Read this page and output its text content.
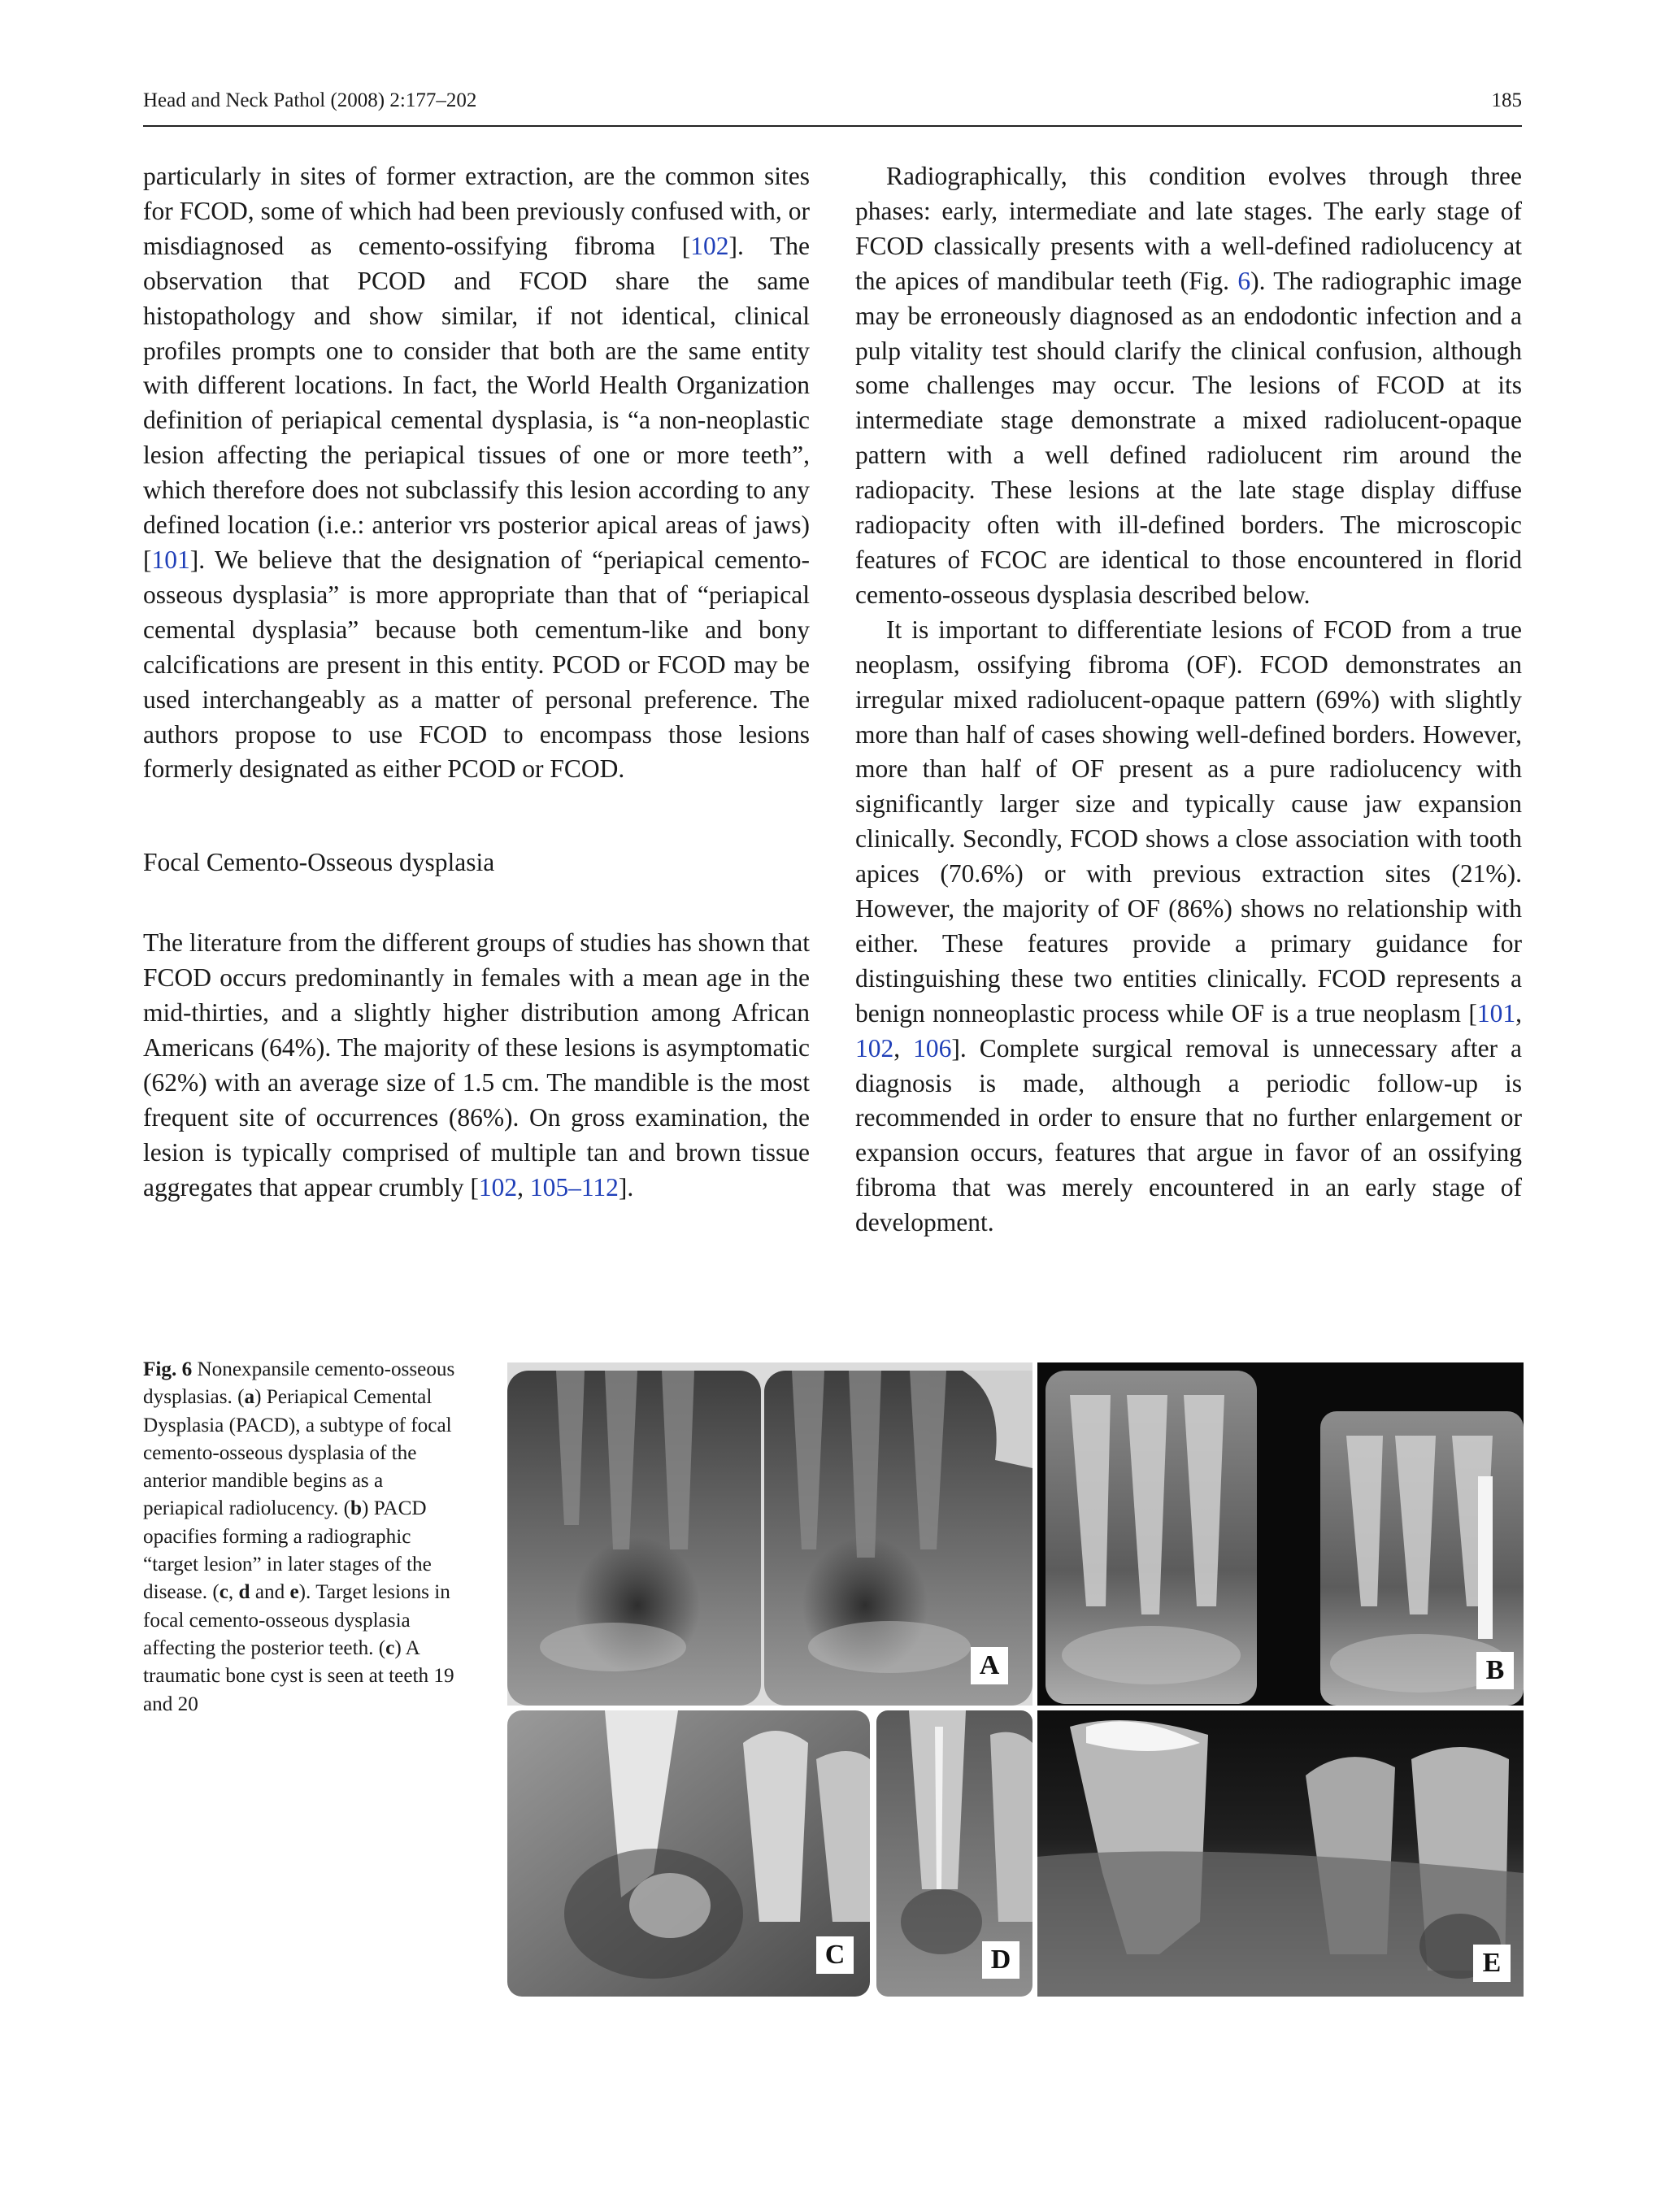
Head and Neck Pathol (2008) 2:177–202	185

particularly in sites of former extraction, are the common sites for FCOD, some of which had been previously confused with, or misdiagnosed as cemento-ossifying fibroma [102]. The observation that PCOD and FCOD share the same histopathology and show similar, if not identical, clinical profiles prompts one to consider that both are the same entity with different locations. In fact, the World Health Organization definition of periapical cemental dysplasia, is “a non-neoplastic lesion affecting the periapical tissues of one or more teeth”, which therefore does not subclassify this lesion according to any defined location (i.e.: anterior vrs posterior apical areas of jaws) [101]. We believe that the designation of “periapical cemento-osseous dysplasia” is more appropriate than that of “periapical cemental dysplasia” because both cementum-like and bony calcifications are present in this entity. PCOD or FCOD may be used interchangeably as a matter of personal preference. The authors propose to use FCOD to encompass those lesions formerly designated as either PCOD or FCOD.

Focal Cemento-Osseous dysplasia

The literature from the different groups of studies has shown that FCOD occurs predominantly in females with a mean age in the mid-thirties, and a slightly higher distribution among African Americans (64%). The majority of these lesions is asymptomatic (62%) with an average size of 1.5 cm. The mandible is the most frequent site of occurrences (86%). On gross examination, the lesion is typically comprised of multiple tan and brown tissue aggregates that appear crumbly [102, 105–112].

Radiographically, this condition evolves through three phases: early, intermediate and late stages. The early stage of FCOD classically presents with a well-defined radiolucency at the apices of mandibular teeth (Fig. 6). The radiographic image may be erroneously diagnosed as an endodontic infection and a pulp vitality test should clarify the clinical confusion, although some challenges may occur. The lesions of FCOD at its intermediate stage demonstrate a mixed radiolucent-opaque pattern with a well defined radiolucent rim around the radiopacity. These lesions at the late stage display diffuse radiopacity often with ill-defined borders. The microscopic features of FCOC are identical to those encountered in florid cemento-osseous dysplasia described below.

It is important to differentiate lesions of FCOD from a true neoplasm, ossifying fibroma (OF). FCOD demonstrates an irregular mixed radiolucent-opaque pattern (69%) with slightly more than half of cases showing well-defined borders. However, more than half of OF present as a pure radiolucency with significantly larger size and typically cause jaw expansion clinically. Secondly, FCOD shows a close association with tooth apices (70.6%) or with previous extraction sites (21%). However, the majority of OF (86%) shows no relationship with either. These features provide a primary guidance for distinguishing these two entities clinically. FCOD represents a benign nonneoplastic process while OF is a true neoplasm [101, 102, 106]. Complete surgical removal is unnecessary after a diagnosis is made, although a periodic follow-up is recommended in order to ensure that no further enlargement or expansion occurs, features that argue in favor of an ossifying fibroma that was merely encountered in an early stage of development.

Fig. 6 Nonexpansile cemento-osseous dysplasias. (a) Periapical Cemental Dysplasia (PACD), a subtype of focal cemento-osseous dysplasia of the anterior mandible begins as a periapical radiolucency. (b) PACD opacifies forming a radiographic “target lesion” in later stages of the disease. (c, d and e). Target lesions in focal cemento-osseous dysplasia affecting the posterior teeth. (c) A traumatic bone cyst is seen at teeth 19 and 20
A	B
C	D	E
